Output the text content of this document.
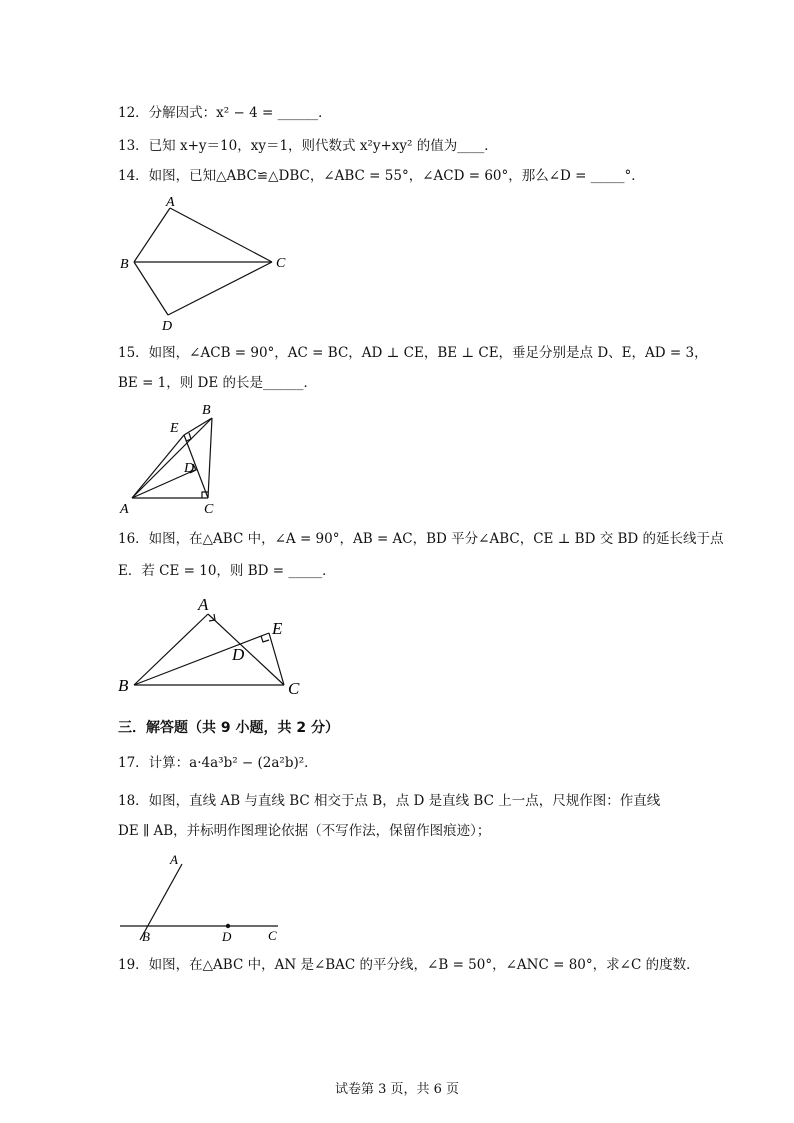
12．分解因式：x² − 4 = ______．
13．已知 x+y＝10，xy＝1，则代数式 x²y+xy² 的值为____．
14．如图，已知△ABC≌△DBC，∠ABC = 55°，∠ACD = 60°，那么∠D = _____°．
A
B	C
D
15．如图，∠ACB = 90°，AC = BC，AD ⊥ CE，BE ⊥ CE，垂足分别是点 D、E，AD = 3，
BE = 1，则 DE 的长是______．
B
E
D
A	C
16．如图，在△ABC 中，∠A = 90°，AB = AC，BD 平分∠ABC，CE ⊥ BD 交 BD 的延长线于点
E．若 CE = 10，则 BD = _____．
A
E
D
B	C
三．解答题（共 9 小题，共 2 分）
17．计算：a·4a³b² − (2a²b)²．
18．如图，直线 AB 与直线 BC 相交于点 B，点 D 是直线 BC 上一点，尺规作图：作直线
DE ∥ AB，并标明作图理论依据（不写作法，保留作图痕迹）；
A
B	D	C
19．如图，在△ABC 中，AN 是∠BAC 的平分线，∠B = 50°，∠ANC = 80°，求∠C 的度数．
试卷第 3 页，共 6 页
